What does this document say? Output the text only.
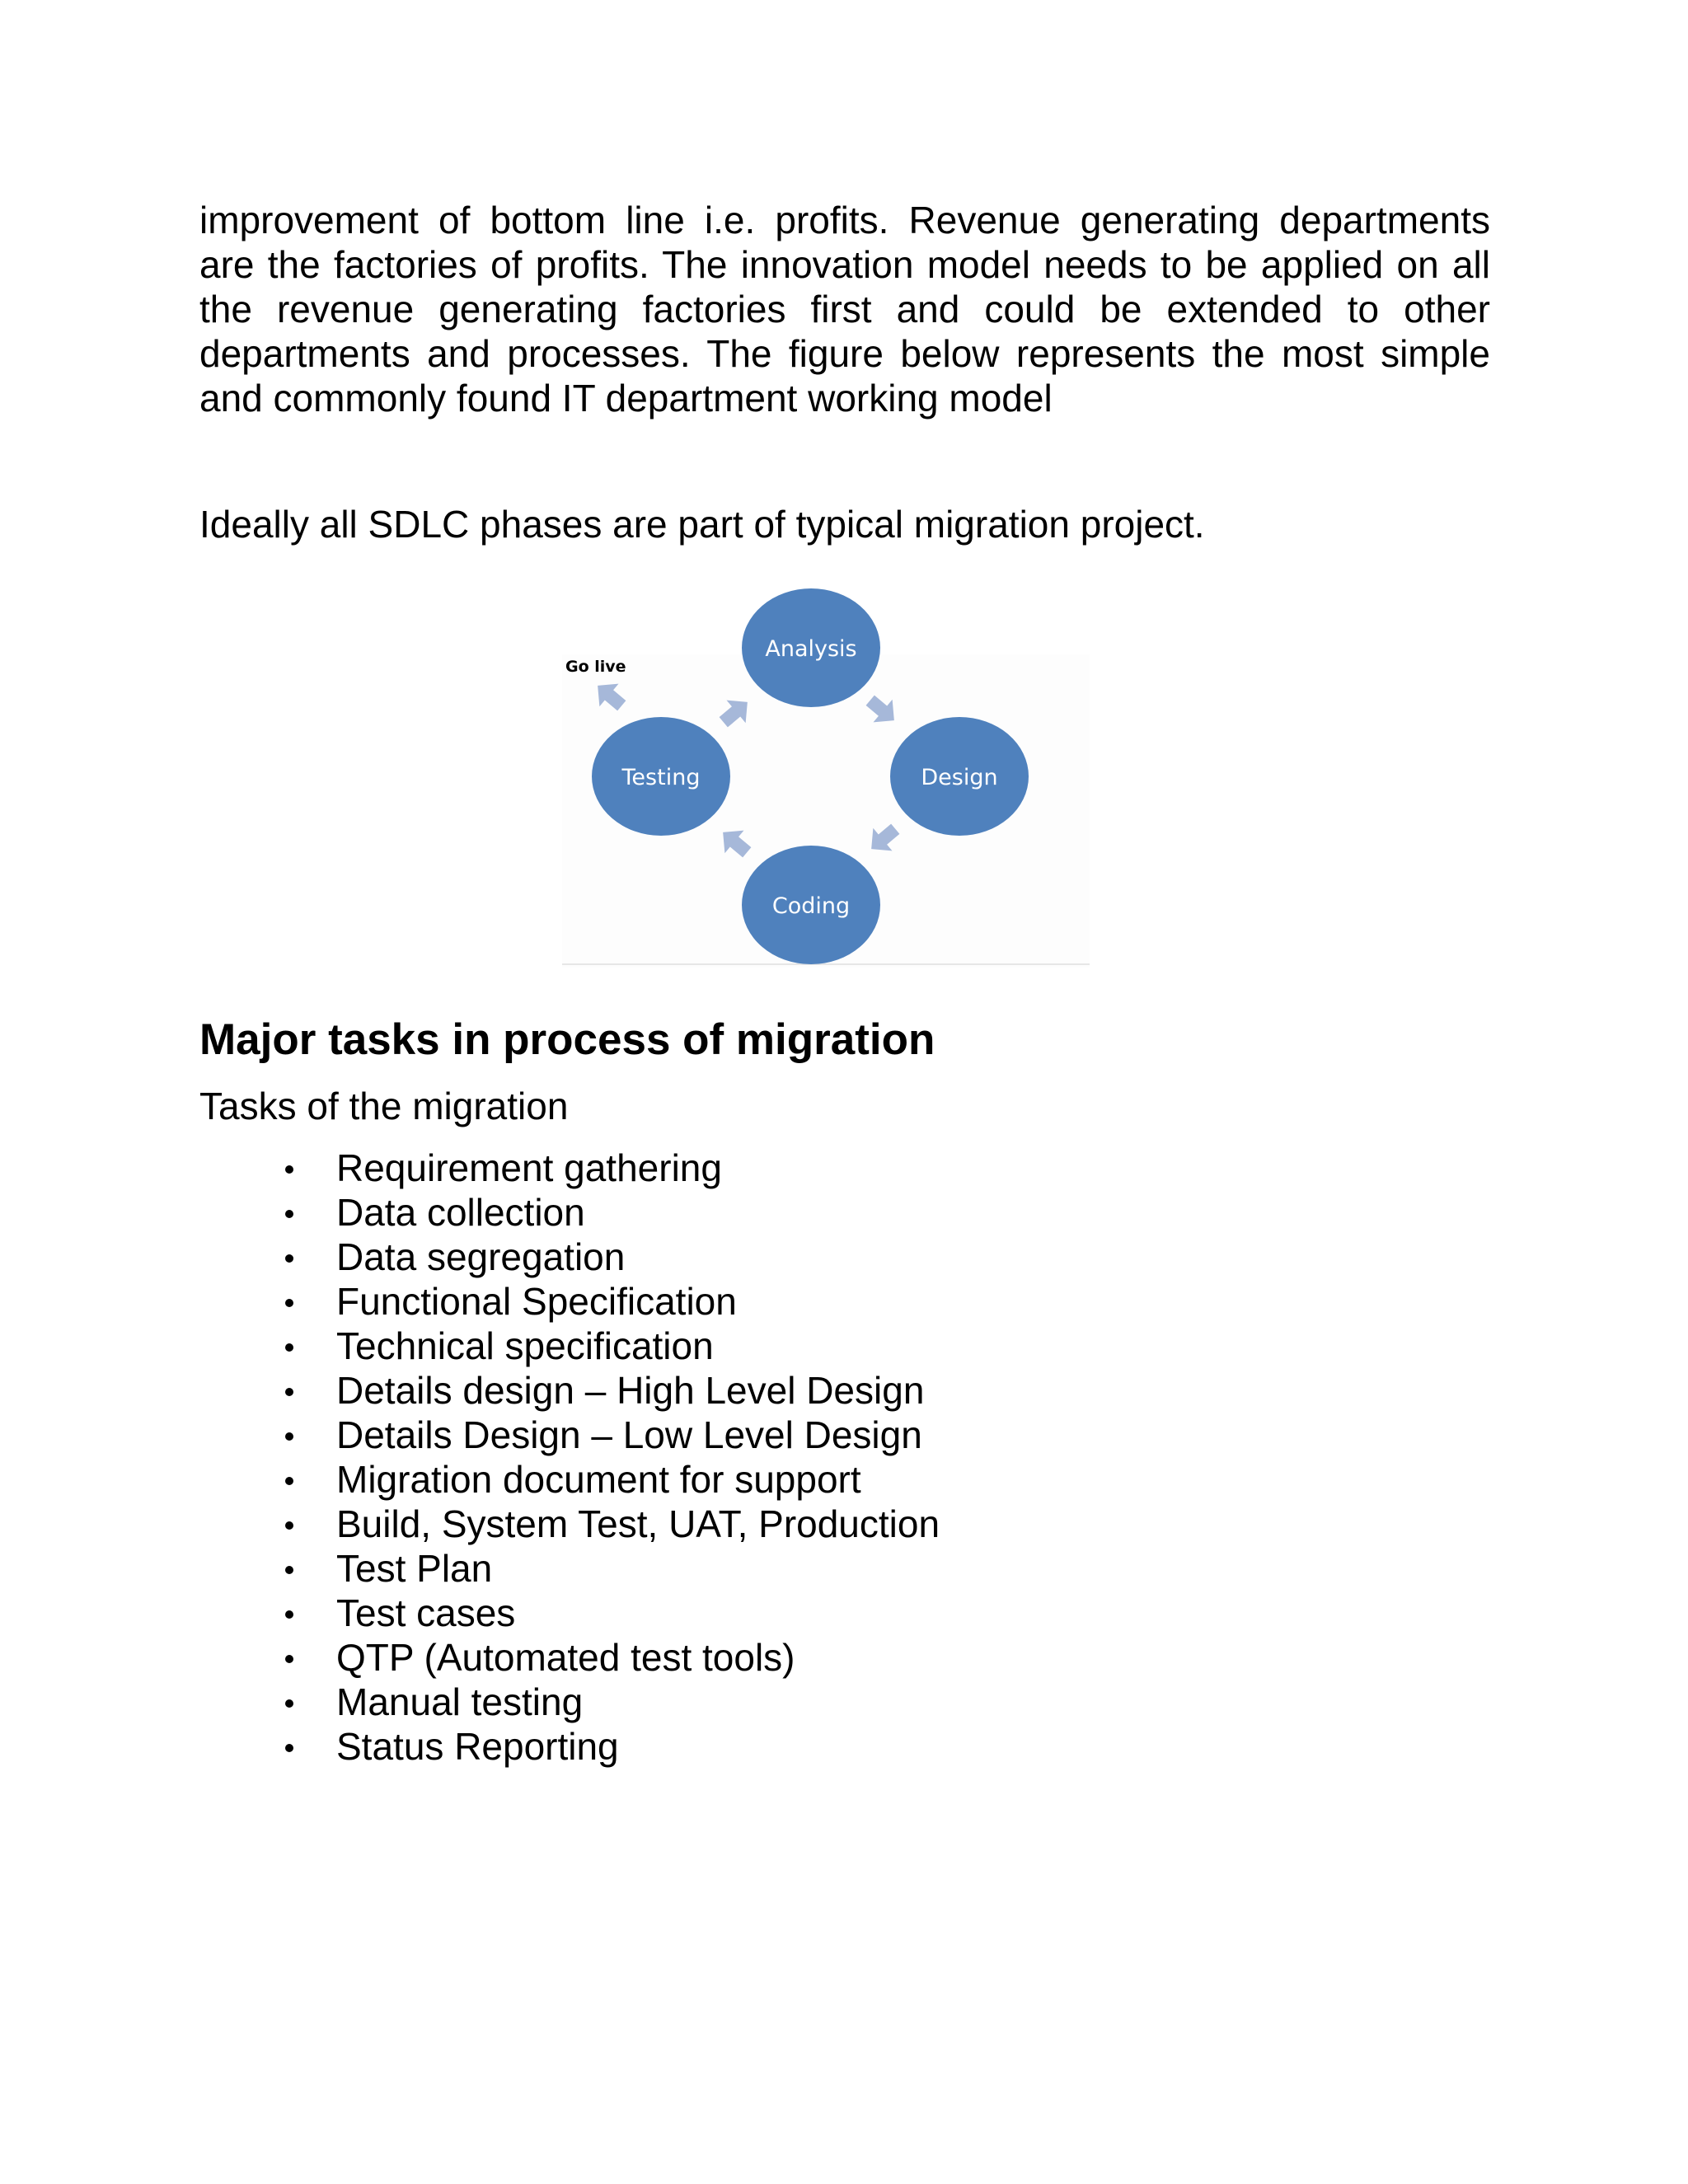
improvement of bottom line i.e. profits. Revenue generating departments
are the factories of profits. The innovation model needs to be applied on all
the revenue generating factories first and could be extended to other
departments and processes. The figure below represents the most simple
and commonly found IT department working model

Ideally all SDLC phases are part of typical migration project.

Analysis
Design
Coding
Testing
Go live
Major tasks in process of migration

Tasks of the migration

Requirement gathering
Data collection
Data segregation
Functional Specification
Technical specification
Details design – High Level Design
Details Design – Low Level Design
Migration document for support
Build, System Test, UAT, Production
Test Plan
Test cases
QTP (Automated test tools)
Manual testing
Status Reporting
